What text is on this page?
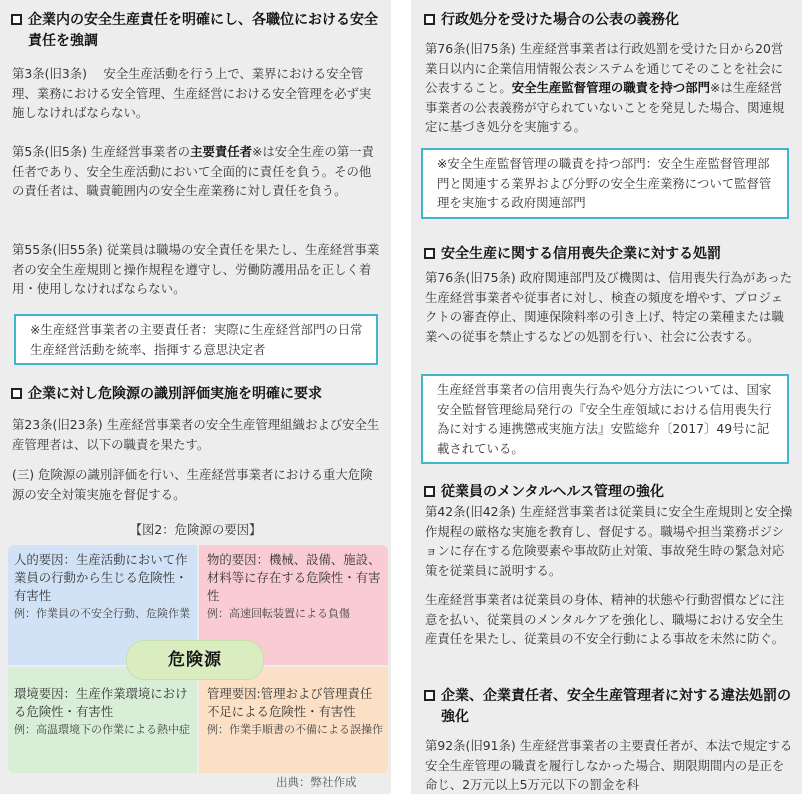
企業内の安全生産責任を明確にし、各職位における安全責任を強調

第3条(旧3条)　 安全生産活動を行う上で、業界における安全管理、業務における安全管理、生産経営における安全管理を必ず実施しなければならない。

第5条(旧5条) 生産経営事業者の主要責任者※は安全生産の第一責任者であり、安全生産活動において全面的に責任を負う。その他の責任者は、職責範囲内の安全生産業務に対し責任を負う。

第55条(旧55条) 従業員は職場の安全責任を果たし、生産経営事業者の安全生産規則と操作規程を遵守し、労働防護用品を正しく着用・使用しなければならない。

※生産経営事業者の主要責任者：実際に生産経営部門の日常生産経営活動を統率、指揮する意思決定者
企業に対し危険源の識別評価実施を明確に要求

第23条(旧23条) 生産経営事業者の安全生産管理組織および安全生産管理者は、以下の職責を果たす。

(三) 危険源の識別評価を行い、生産経営事業者における重大危険源の安全対策実施を督促する。

【図2：危険源の要因】
人的要因：生産活動において作業員の行動から生じる危険性・有害性
例：作業員の不安全行動、危険作業
物的要因：機械、設備、施設、材料等に存在する危険性・有害性
例：高速回転装置による負傷
環境要因：生産作業環境における危険性・有害性
例：高温環境下の作業による熱中症
管理要因:管理および管理責任不足による危険性・有害性
例：作業手順書の不備による誤操作
危険源
出典：弊社作成
行政処分を受けた場合の公表の義務化

第76条(旧75条) 生産経営事業者は行政処罰を受けた日から20営業日以内に企業信用情報公表システムを通じてそのことを社会に公表すること。安全生産監督管理の職責を持つ部門※は生産経営事業者の公表義務が守られていないことを発見した場合、関連規定に基づき処分を実施する。

※安全生産監督管理の職責を持つ部門：安全生産監督管理部門と関連する業界および分野の安全生産業務について監督管理を実施する政府関連部門
安全生産に関する信用喪失企業に対する処罰

第76条(旧75条) 政府関連部門及び機関は、信用喪失行為があった生産経営事業者や従事者に対し、検査の頻度を増やす、プロジェクトの審査停止、関連保険料率の引き上げ、特定の業種または職業への従事を禁止するなどの処罰を行い、社会に公表する。

生産経営事業者の信用喪失行為や処分方法については、国家安全監督管理総局発行の『安全生産領域における信用喪失行為に対する連携懲戒実施方法』安監総弁〔2017〕49号に記載されている。
従業員のメンタルヘルス管理の強化

第42条(旧42条) 生産経営事業者は従業員に安全生産規則と安全操作規程の厳格な実施を教育し、督促する。職場や担当業務ポジションに存在する危険要素や事故防止対策、事故発生時の緊急対応策を従業員に説明する。

生産経営事業者は従業員の身体、精神的状態や行動習慣などに注意を払い、従業員のメンタルケアを強化し、職場における安全生産責任を果たし、従業員の不安全行動による事故を未然に防ぐ。

企業、企業責任者、安全生産管理者に対する違法処罰の強化

第92条(旧91条) 生産経営事業者の主要責任者が、本法で規定する安全生産管理の職責を履行しなかった場合、期限期間内の是正を命じ、2万元以上5万元以下の罰金を科
